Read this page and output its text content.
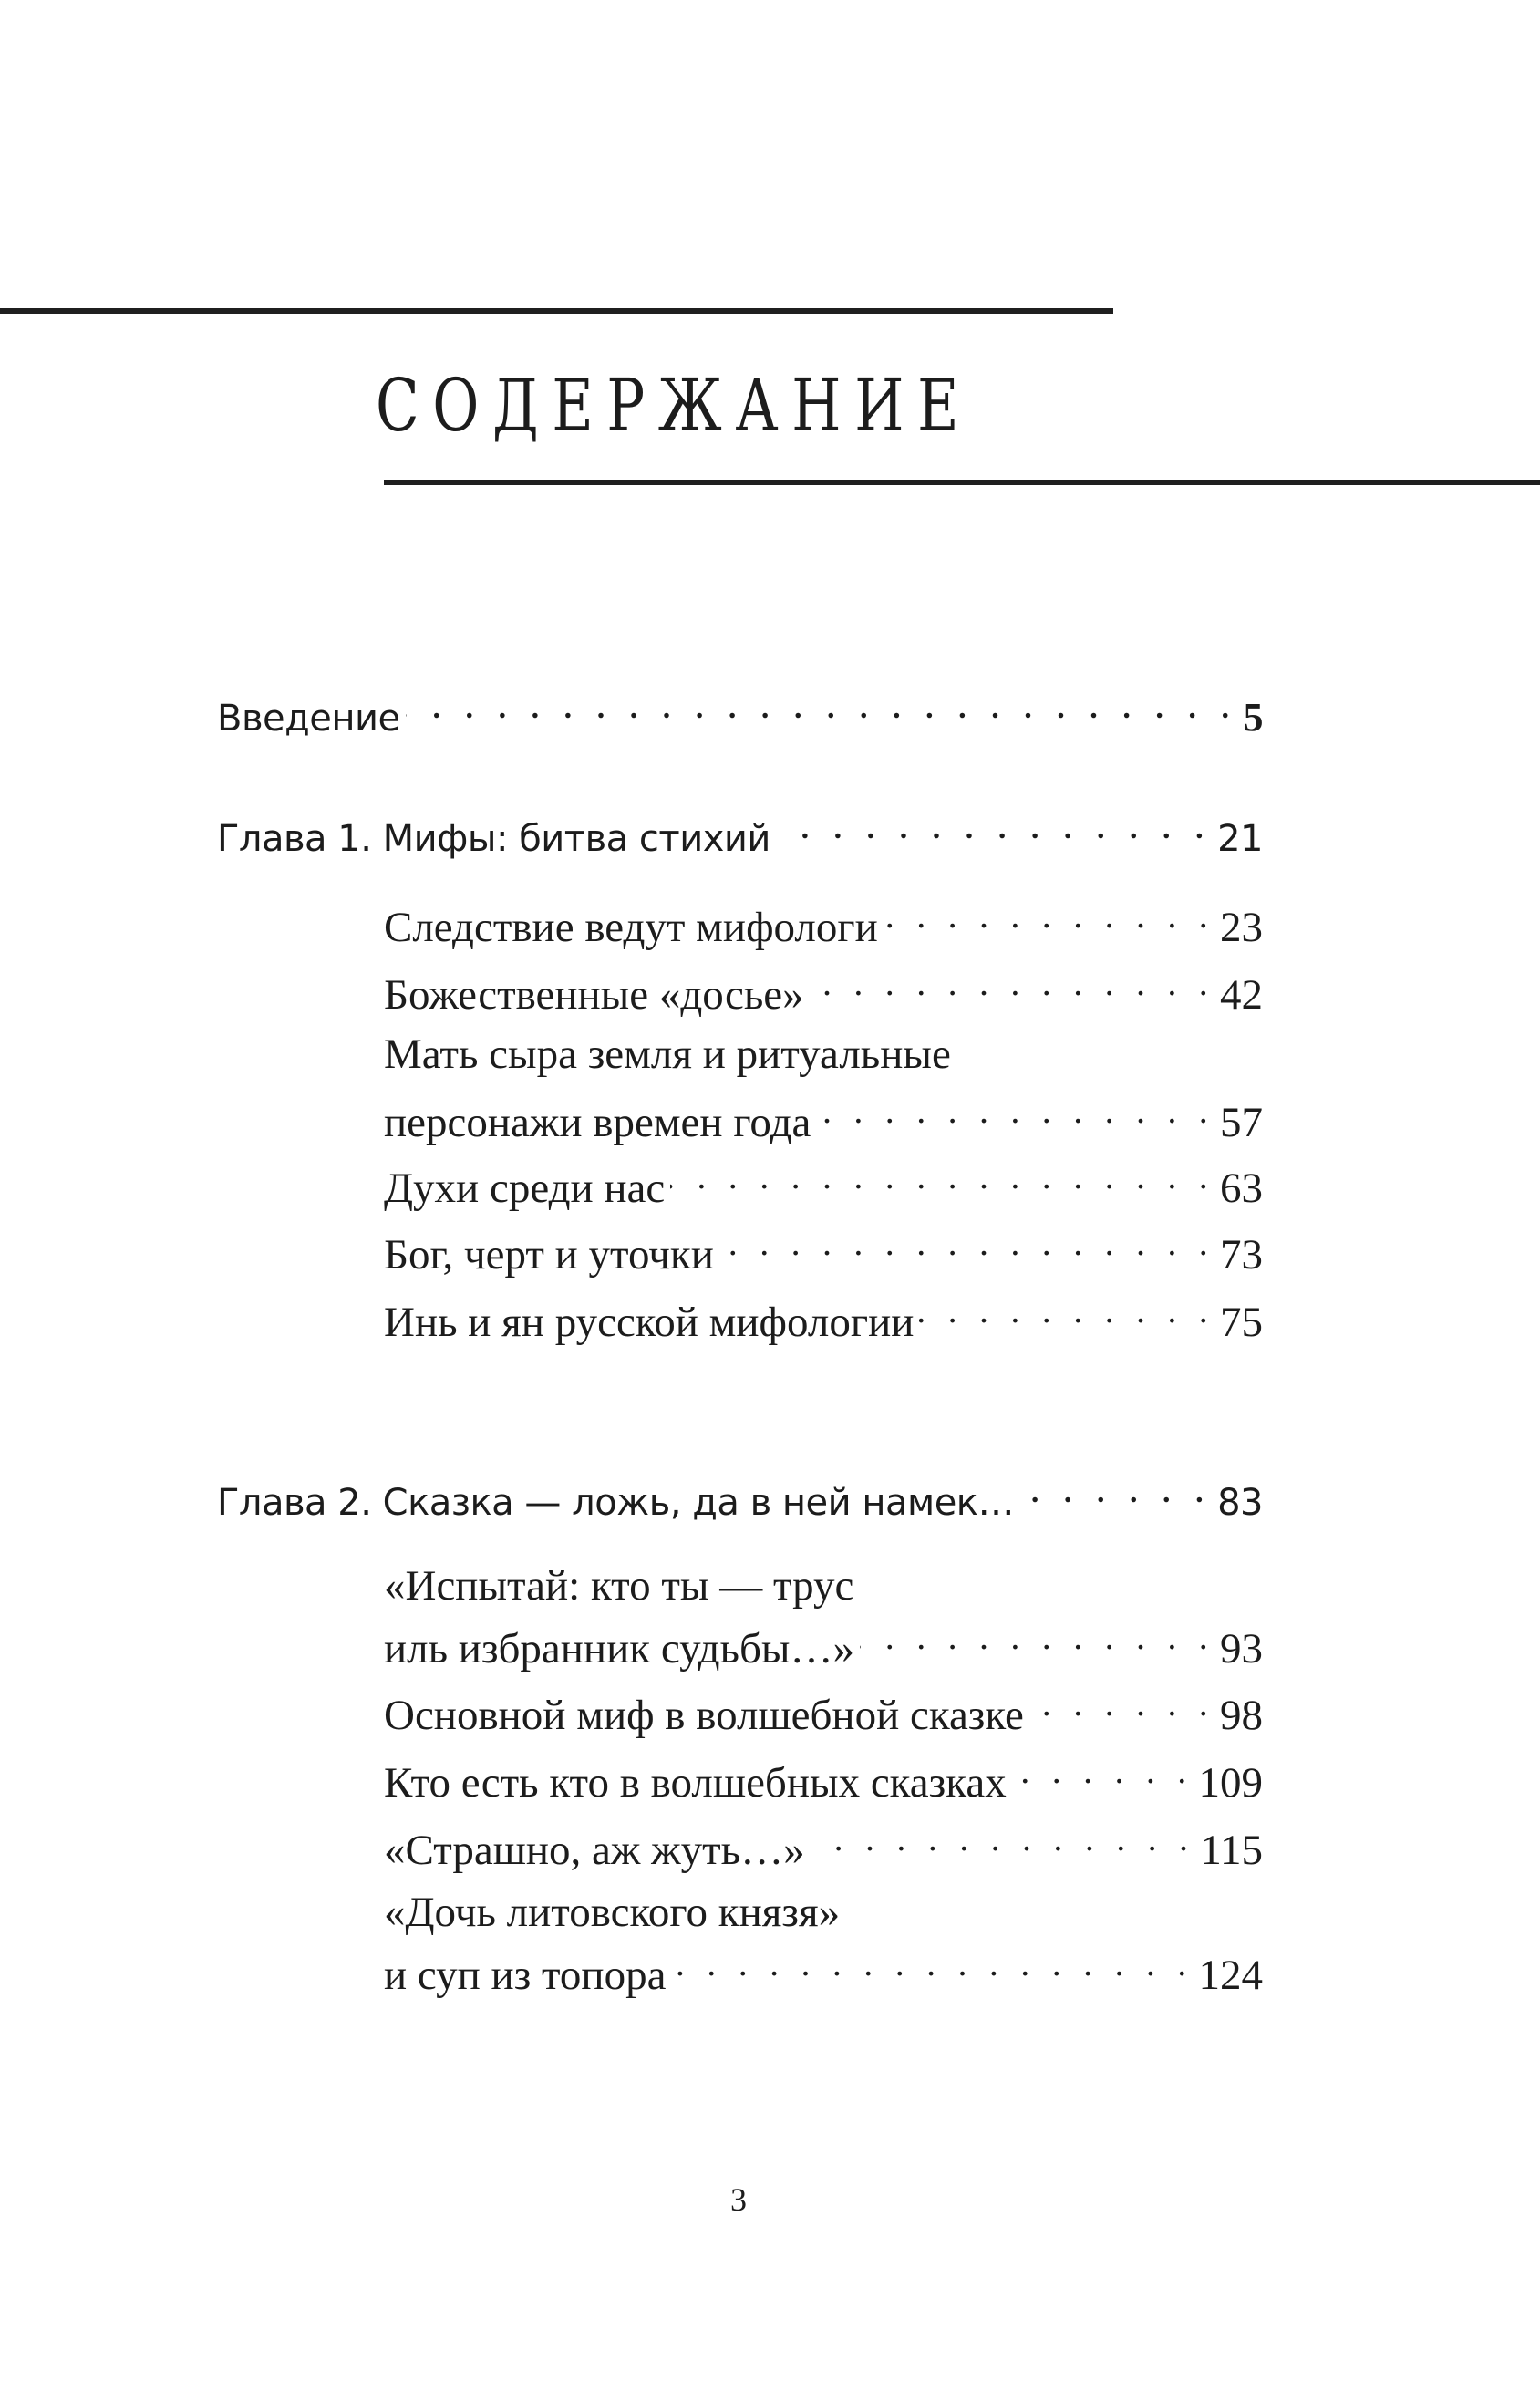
С О Д Е Р Ж А Н И Е
Введение . . .	5
Глава 1. Мифы: битва стихий . . .	21
Следствие ведут мифологи . . .	23
Божественные «досье» . . .	42
Мать сыра земля и ритуальные
персонажи времен года . . .	57
Духи среди нас . . .	63
Бог, черт и уточки . . .	73
Инь и ян русской мифологии . . .	75
Глава 2. Сказка — ложь, да в ней намек… . . .	83
«Испытай: кто ты — трус
иль избранник судьбы…» . . .	93
Основной миф в волшебной сказке . . .	98
Кто есть кто в волшебных сказках . . .	109
«Страшно, аж жуть…» . . .	115
«Дочь литовского князя»
и суп из топора . . .	124
3
